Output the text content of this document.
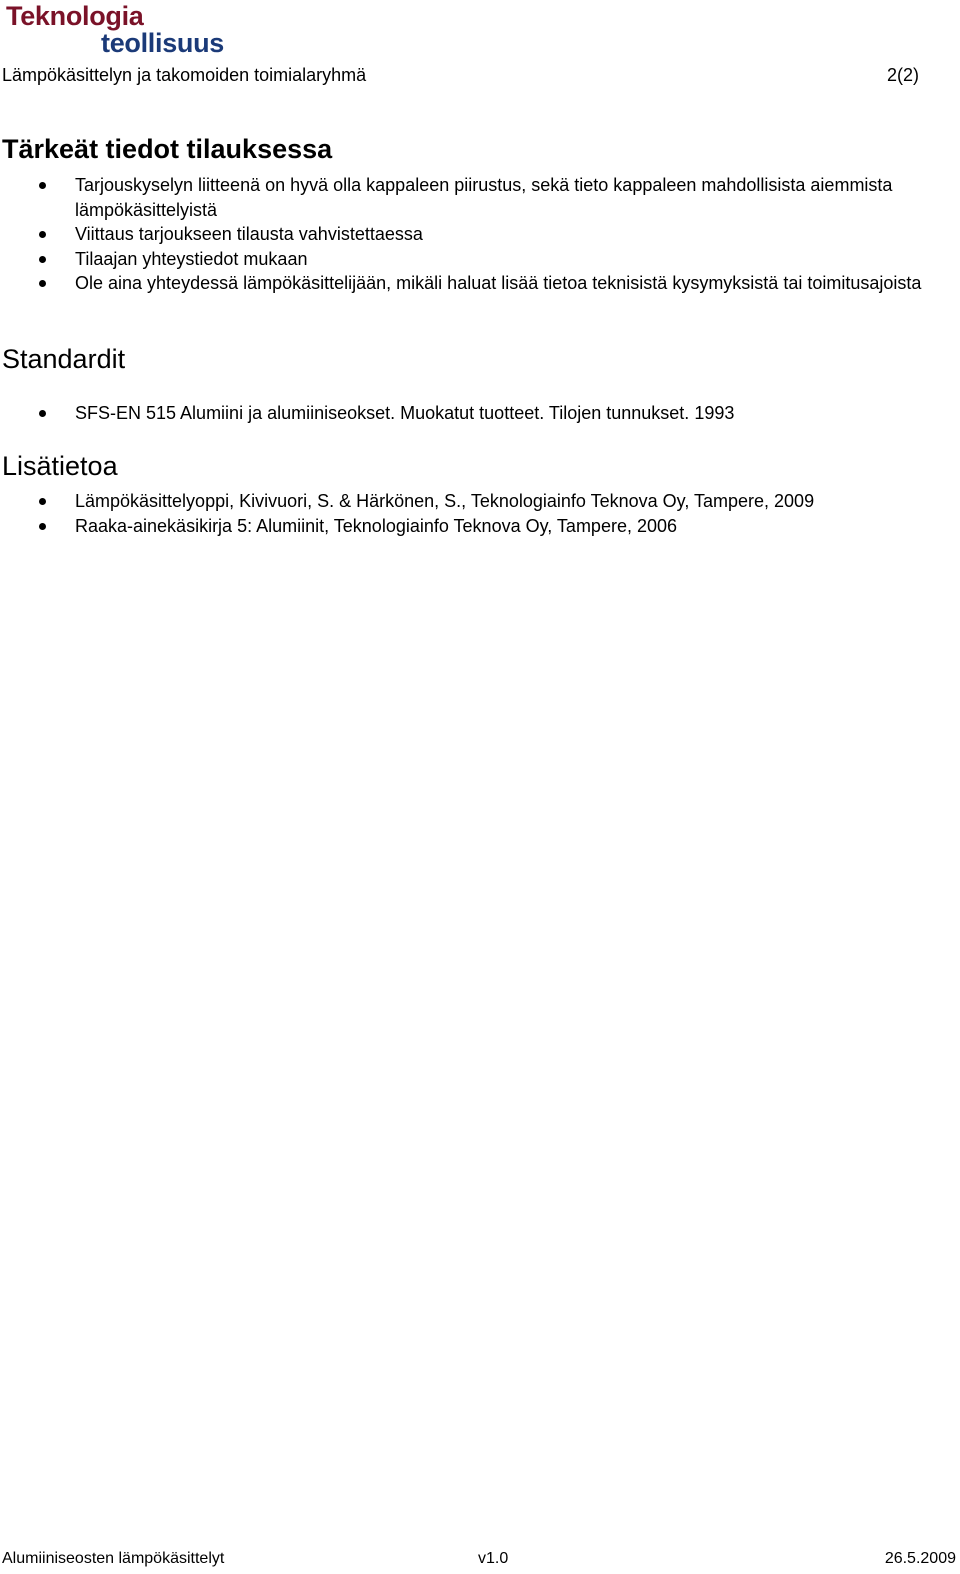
Teknologia
teollisuus
Lämpökäsittelyn ja takomoiden toimialaryhmä	2(2)
Tärkeät tiedot tilauksessa
Tarjouskyselyn liitteenä on hyvä olla kappaleen piirustus, sekä tieto kappaleen mahdollisista aiemmista lämpökäsittelyistä
Viittaus tarjoukseen tilausta vahvistettaessa
Tilaajan yhteystiedot mukaan
Ole aina yhteydessä lämpökäsittelijään, mikäli haluat lisää tietoa teknisistä kysymyksistä tai toimitusajoista
Standardit
SFS-EN 515 Alumiini ja alumiiniseokset. Muokatut tuotteet. Tilojen tunnukset. 1993
Lisätietoa
Lämpökäsittelyoppi, Kivivuori, S. & Härkönen, S., Teknologiainfo Teknova Oy, Tampere, 2009
Raaka-ainekäsikirja 5: Alumiinit, Teknologiainfo Teknova Oy, Tampere, 2006
Alumiiniseosten lämpökäsittelyt	v1.0	26.5.2009
